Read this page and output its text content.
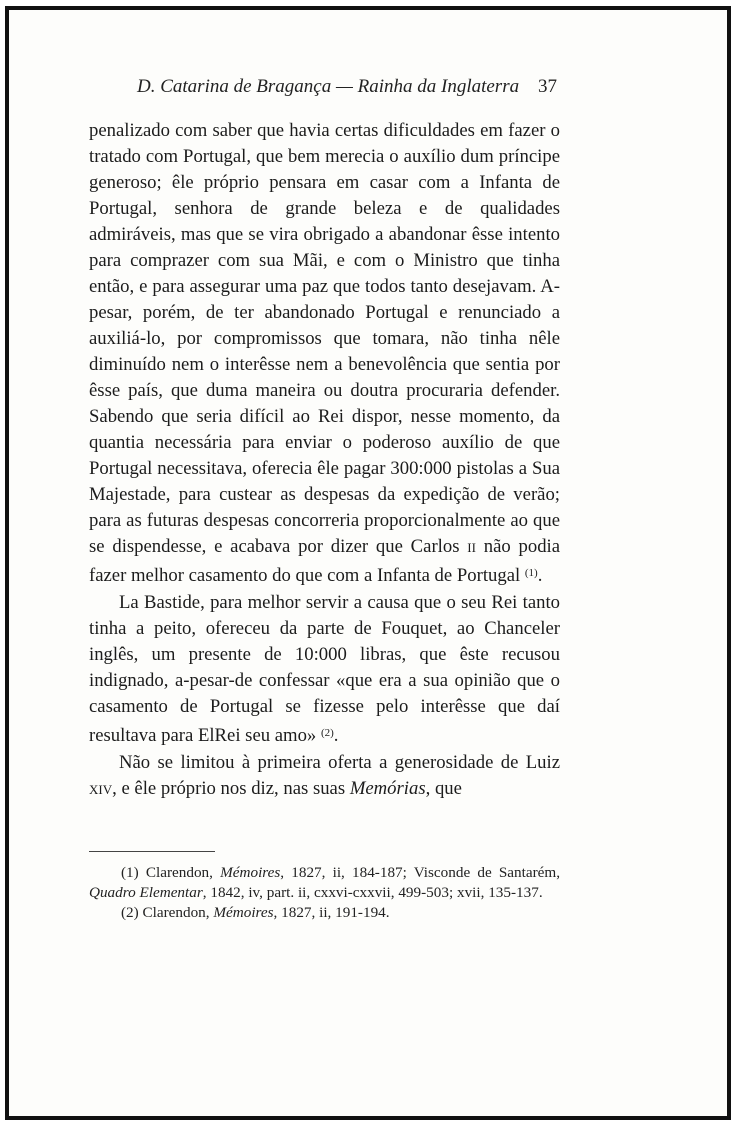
D. Catarina de Bragança — Rainha da Inglaterra 37

penalizado com saber que havia certas dificuldades em fazer o tratado com Portugal, que bem merecia o auxílio dum príncipe generoso; êle próprio pensara em casar com a Infanta de Portugal, senhora de grande beleza e de qualidades admiráveis, mas que se vira obrigado a abandonar êsse intento para comprazer com sua Mãi, e com o Ministro que tinha então, e para assegurar uma paz que todos tanto desejavam. A-pesar, porém, de ter abandonado Portugal e renunciado a auxiliá-lo, por compromissos que tomara, não tinha nêle diminuído nem o interêsse nem a benevolência que sentia por êsse país, que duma maneira ou doutra procuraria defender. Sabendo que seria difícil ao Rei dispor, nesse momento, da quantia necessária para enviar o poderoso auxílio de que Portugal necessitava, oferecia êle pagar 300:000 pistolas a Sua Majestade, para custear as despesas da expedição de verão; para as futuras despesas concorreria proporcionalmente ao que se dispendesse, e acabava por dizer que Carlos ii não podia fazer melhor casamento do que com a Infanta de Portugal $^{(1)}$.

La Bastide, para melhor servir a causa que o seu Rei tanto tinha a peito, ofereceu da parte de Fouquet, ao Chanceler inglês, um presente de 10:000 libras, que êste recusou indignado, a-pesar-de confessar «que era a sua opinião que o casamento de Portugal se fizesse pelo interêsse que daí resultava para ElRei seu amo» $^{(2)}$.

Não se limitou à primeira oferta a generosidade de Luiz xiv, e êle próprio nos diz, nas suas Memórias, que

(1) Clarendon, Mémoires, 1827, ii, 184-187; Visconde de Santarém, Quadro Elementar, 1842, iv, part. ii, cxxvi-cxxvii, 499-503; xvii, 135-137.

(2) Clarendon, Mémoires, 1827, ii, 191-194.
